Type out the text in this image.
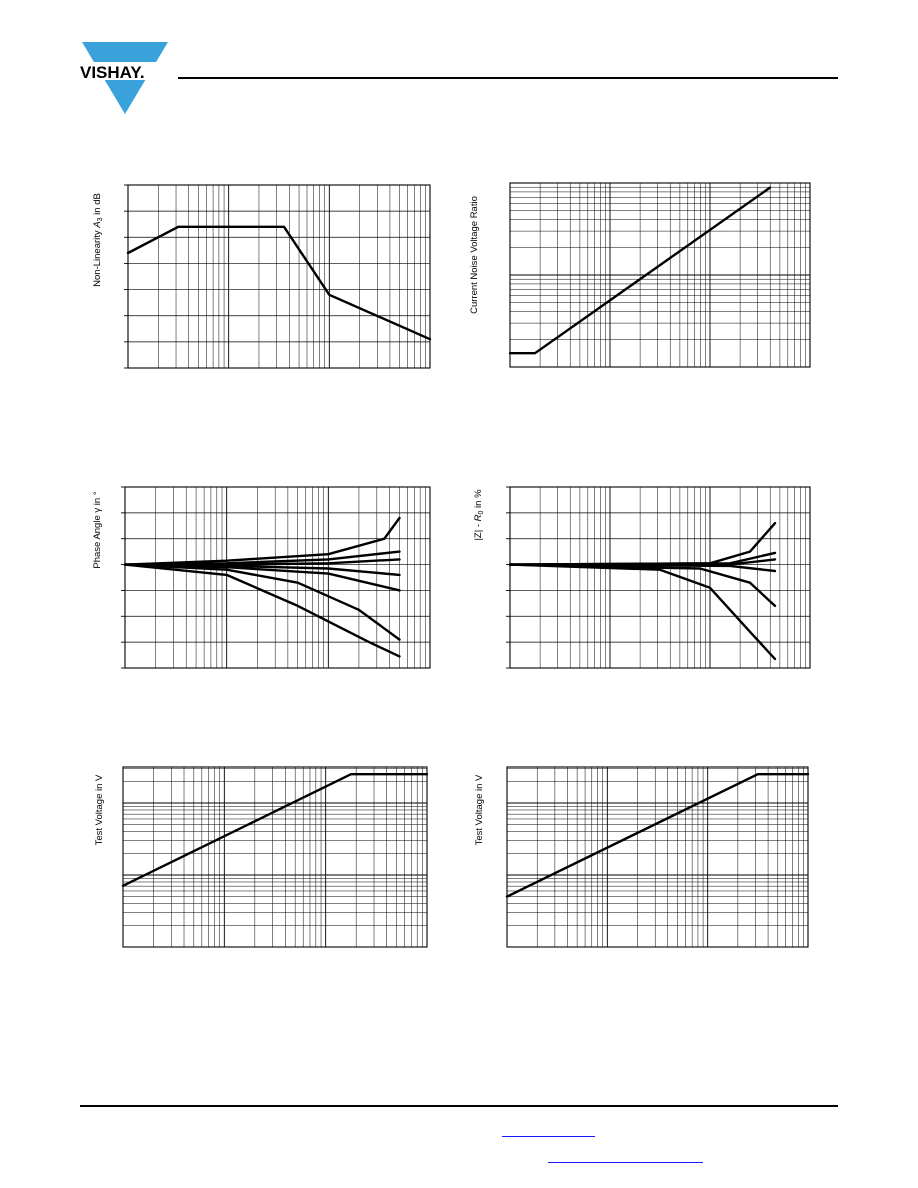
VISHAY.
Non-Linearity $A_3$ in dB	Current Noise Voltage Ratio
Phase Angle γ in °	$|Z| - R_0$ in %
Test Voltage in V	Test Voltage in V
